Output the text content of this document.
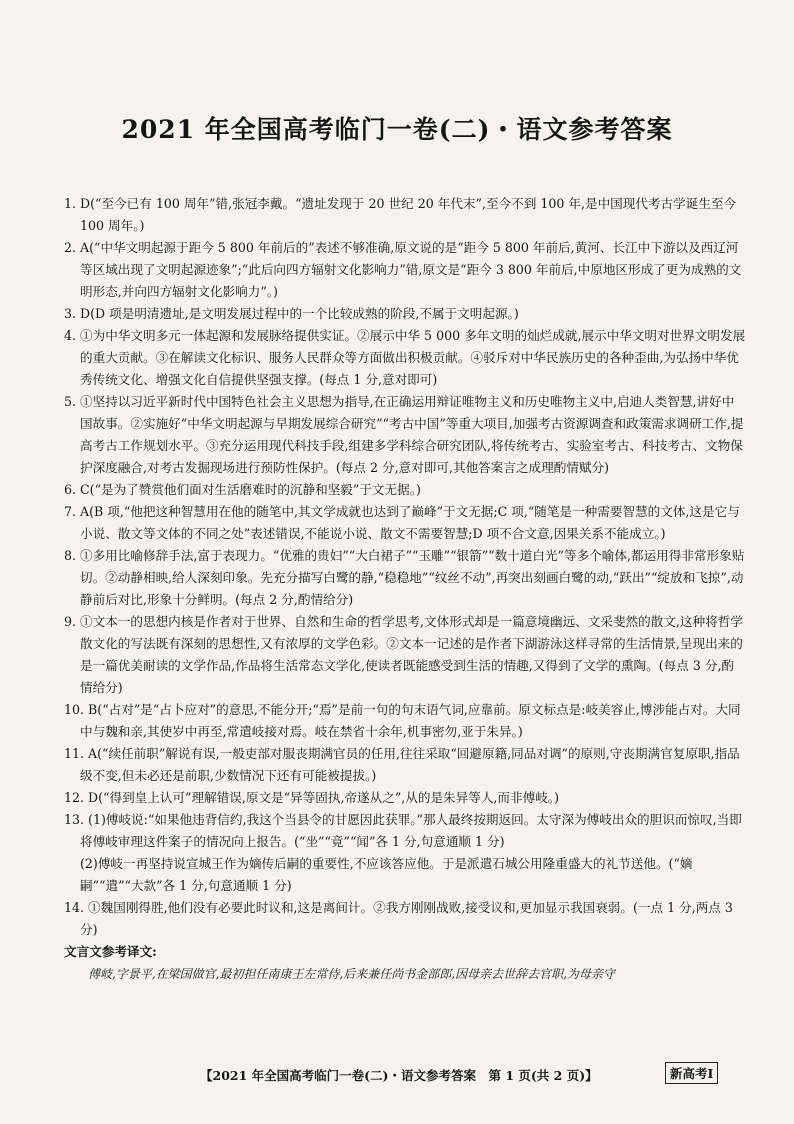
2021 年全国高考临门一卷(二)・语文参考答案

1. D(“至今已有 100 周年”错,张冠李戴。“遗址发现于 20 世纪 20 年代末”,至今不到 100 年,是中国现代考古学诞生至今 100 周年。)

2. A(“中华文明起源于距今 5 800 年前后的”表述不够准确,原文说的是“距今 5 800 年前后,黄河、长江中下游以及西辽河等区域出现了文明起源迹象”;“此后向四方辐射文化影响力”错,原文是“距今 3 800 年前后,中原地区形成了更为成熟的文明形态,并向四方辐射文化影响力”。)

3. D(D 项是明清遗址,是文明发展过程中的一个比较成熟的阶段,不属于文明起源。)

4. ①为中华文明多元一体起源和发展脉络提供实证。②展示中华 5 000 多年文明的灿烂成就,展示中华文明对世界文明发展的重大贡献。③在解读文化标识、服务人民群众等方面做出积极贡献。④驳斥对中华民族历史的各种歪曲,为弘扬中华优秀传统文化、增强文化自信提供坚强支撑。(每点 1 分,意对即可)

5. ①坚持以习近平新时代中国特色社会主义思想为指导,在正确运用辩证唯物主义和历史唯物主义中,启迪人类智慧,讲好中国故事。②实施好“中华文明起源与早期发展综合研究”“考古中国”等重大项目,加强考古资源调查和政策需求调研工作,提高考古工作规划水平。③充分运用现代科技手段,组建多学科综合研究团队,将传统考古、实验室考古、科技考古、文物保护深度融合,对考古发掘现场进行预防性保护。(每点 2 分,意对即可,其他答案言之成理酌情赋分)

6. C(“是为了赞赏他们面对生活磨难时的沉静和坚毅”于文无据。)

7. A(B 项,“他把这种智慧用在他的随笔中,其文学成就也达到了巅峰”于文无据;C 项,“随笔是一种需要智慧的文体,这是它与小说、散文等文体的不同之处”表述错误,不能说小说、散文不需要智慧;D 项不合文意,因果关系不能成立。)

8. ①多用比喻修辞手法,富于表现力。“优雅的贵妇”“大白裙子”“玉雕”“银箭”“数十道白光”等多个喻体,都运用得非常形象贴切。②动静相映,给人深刻印象。先充分描写白鹭的静,“稳稳地”“纹丝不动”,再突出刻画白鹭的动,“跃出”“绽放和飞掠”,动静前后对比,形象十分鲜明。(每点 2 分,酌情给分)

9. ①文本一的思想内核是作者对于世界、自然和生命的哲学思考,文体形式却是一篇意境幽远、文采斐然的散文,这种将哲学散文化的写法既有深刻的思想性,又有浓厚的文学色彩。②文本一记述的是作者下湖游泳这样寻常的生活情景,呈现出来的是一篇优美耐读的文学作品,作品将生活常态文学化,使读者既能感受到生活的情趣,又得到了文学的熏陶。(每点 3 分,酌情给分)

10. B(“占对”是“占卜应对”的意思,不能分开;“焉”是前一句的句末语气词,应靠前。原文标点是:岐美容止,博涉能占对。大同中与魏和亲,其使岁中再至,常遣岐接对焉。岐在禁省十余年,机事密勿,亚于朱异。)

11. A(“续任前职”解说有误,一般吏部对服丧期满官员的任用,往往采取“回避原籍,同品对调”的原则,守丧期满官复原职,指品级不变,但未必还是前职,少数情况下还有可能被提拔。)

12. D(“得到皇上认可”理解错误,原文是“异等固执,帝遂从之”,从的是朱异等人,而非傅岐。)

13. (1)傅岐说:“如果他违背信约,我这个当县令的甘愿因此获罪。”那人最终按期返回。太守深为傅岐出众的胆识而惊叹,当即将傅岐审理这件案子的情况向上报告。(“坐”“竟”“闻”各 1 分,句意通顺 1 分)

(2)傅岐一再坚持说宣城王作为嫡传后嗣的重要性,不应该答应他。于是派遣石城公用隆重盛大的礼节送他。(“嫡嗣”“遣”“大款”各 1 分,句意通顺 1 分)

14. ①魏国刚得胜,他们没有必要此时议和,这是离间计。②我方刚刚战败,接受议和,更加显示我国衰弱。(一点 1 分,两点 3 分)

文言文参考译文:

傅岐,字景平,在梁国做官,最初担任南康王左常侍,后来兼任尚书金部郎,因母亲去世辞去官职,为母亲守

【2021 年全国高考临门一卷(二)・语文参考答案　第 1 页(共 2 页)】	新高考Ⅰ
